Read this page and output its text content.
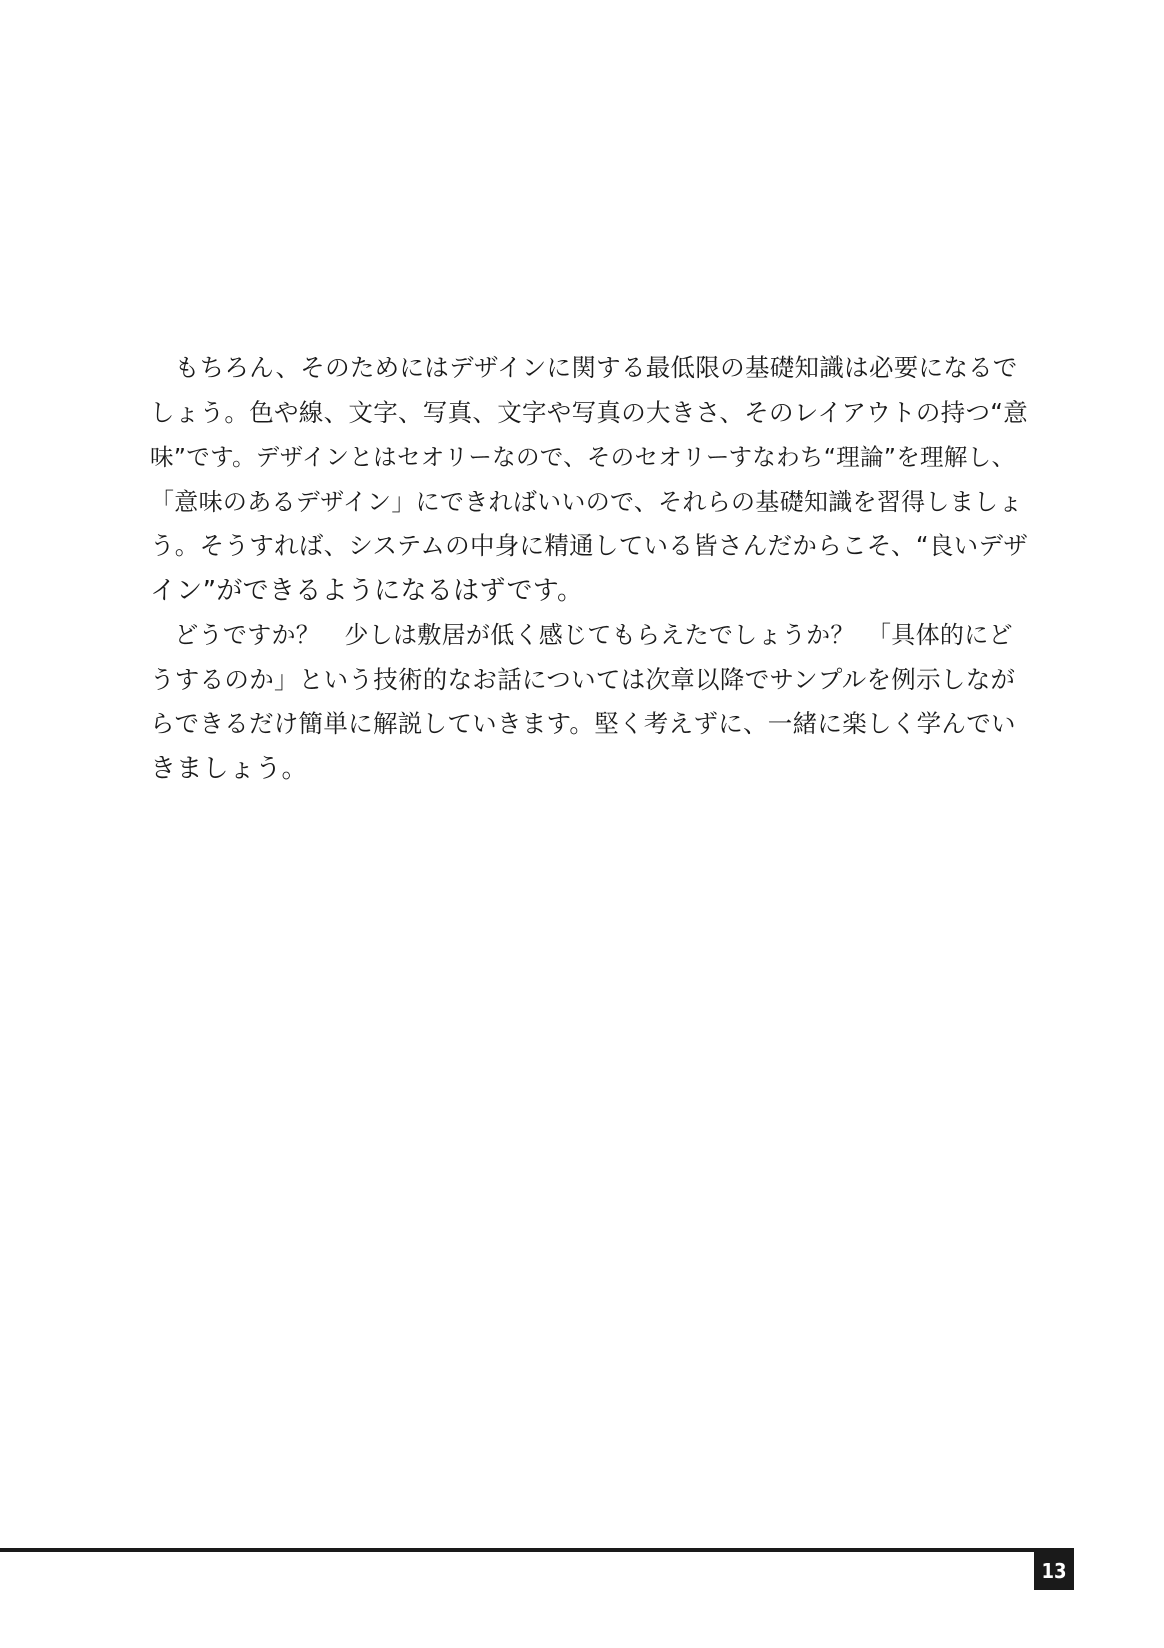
　もちろん、そのためにはデザインに関する最低限の基礎知識は必要になるで
しょう。色や線、文字、写真、文字や写真の大きさ、そのレイアウトの持つ“意
味”です。デザインとはセオリーなので、そのセオリーすなわち“理論”を理解し、
「意味のあるデザイン」にできればいいので、それらの基礎知識を習得しましょ
う。そうすれば、システムの中身に精通している皆さんだからこそ、“良いデザ
イン”ができるようになるはずです。
　どうですか？　少しは敷居が低く感じてもらえたでしょうか？　「具体的にど
うするのか」という技術的なお話については次章以降でサンプルを例示しなが
らできるだけ簡単に解説していきます。堅く考えずに、一緒に楽しく学んでい
きましょう。
13
